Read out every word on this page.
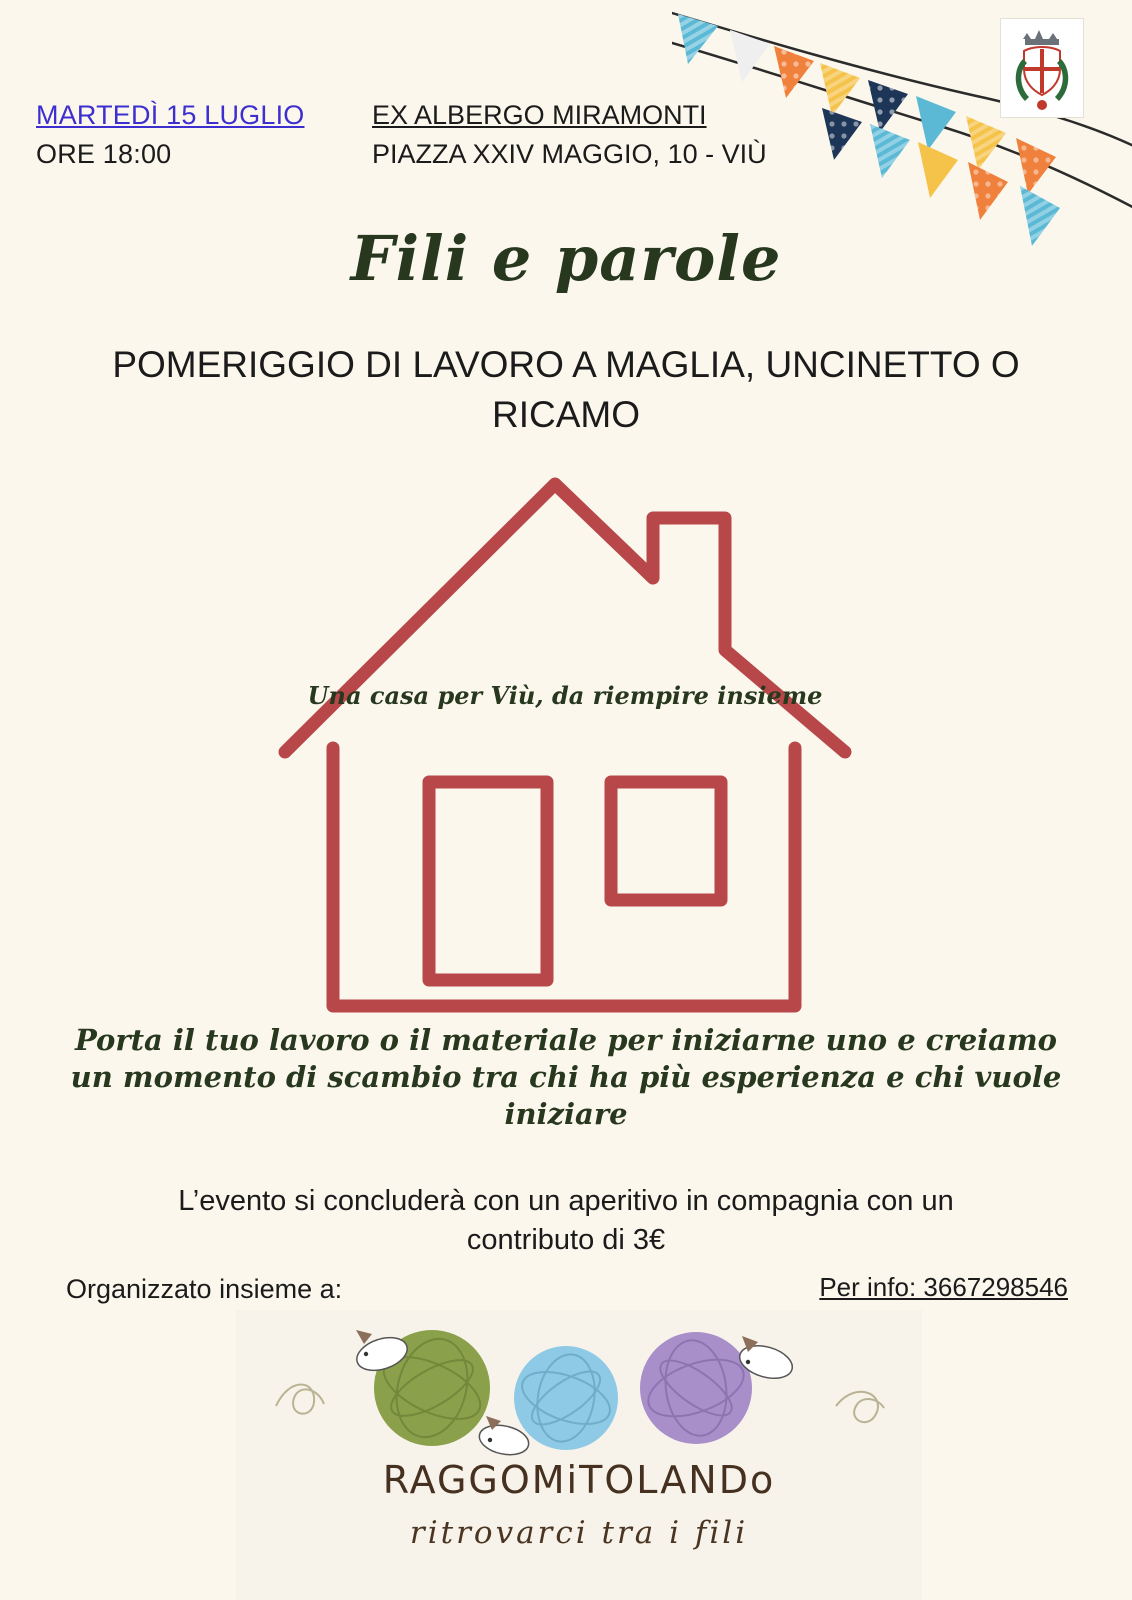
MARTEDÌ 15 LUGLIO
ORE 18:00
EX ALBERGO MIRAMONTI
PIAZZA XXIV MAGGIO, 10 - VIÙ
Fili e parole
POMERIGGIO DI LAVORO A MAGLIA, UNCINETTO O RICAMO
Una casa per Viù, da riempire insieme
Porta il tuo lavoro o il materiale per iniziarne uno e creiamo un momento di scambio tra chi ha più esperienza e chi vuole iniziare
L’evento si concluderà con un aperitivo in compagnia con un contributo di 3€
Organizzato insieme a:	Per info: 3667298546
RAGGOMiTOLANDo
ritrovarci tra i fili
